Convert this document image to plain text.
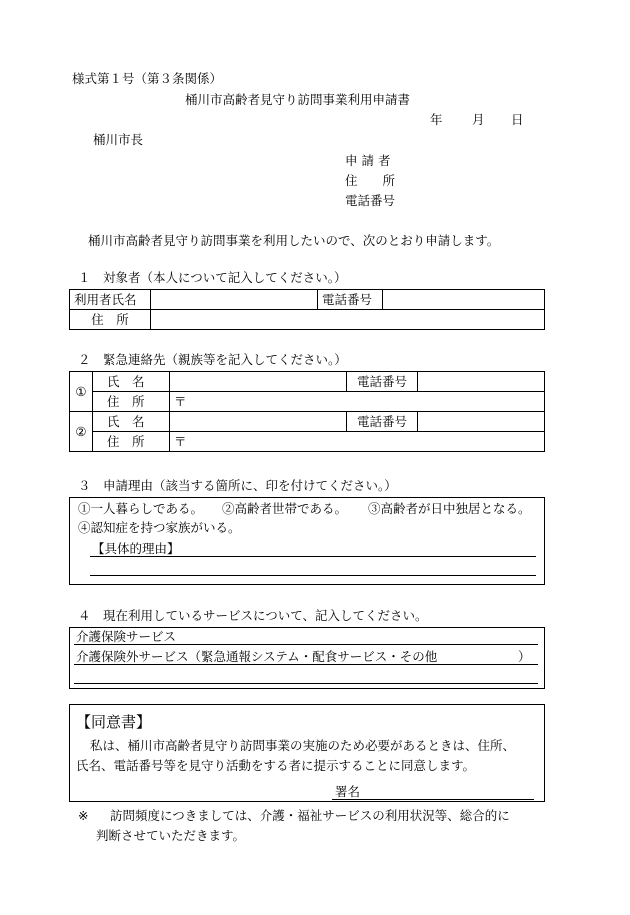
様式第１号（第３条関係）
桶川市高齢者見守り訪問事業利用申請書
年 月 日
桶川市長
申 請 者
住　　所
電話番号
桶川市高齢者見守り訪問事業を利用したいので、次のとおり申請します。
１　対象者（本人について記入してください。）
利用者氏名		電話番号	
住　所			
２　緊急連絡先（親族等を記入してください。）
①	氏　名		電話番号	
	住　所	〒		
②	氏　名		電話番号	
	住　所	〒		
３　申請理由（該当する箇所に、印を付けてください。）
①一人暮らしである。 ②高齢者世帯である。 ③高齢者が日中独居となる。
④認知症を持つ家族がいる。
【具体的理由】
４　現在利用しているサービスについて、記入してください。
介護保険サービス
介護保険外サービス（緊急通報システム・配食サービス・その他	）
【同意書】
私は、桶川市高齢者見守り訪問事業の実施のため必要があるときは、住所、
氏名、電話番号等を見守り活動をする者に提示することに同意します。
署名
※ 訪問頻度につきましては、介護・福祉サービスの利用状況等、総合的に
判断させていただきます。
